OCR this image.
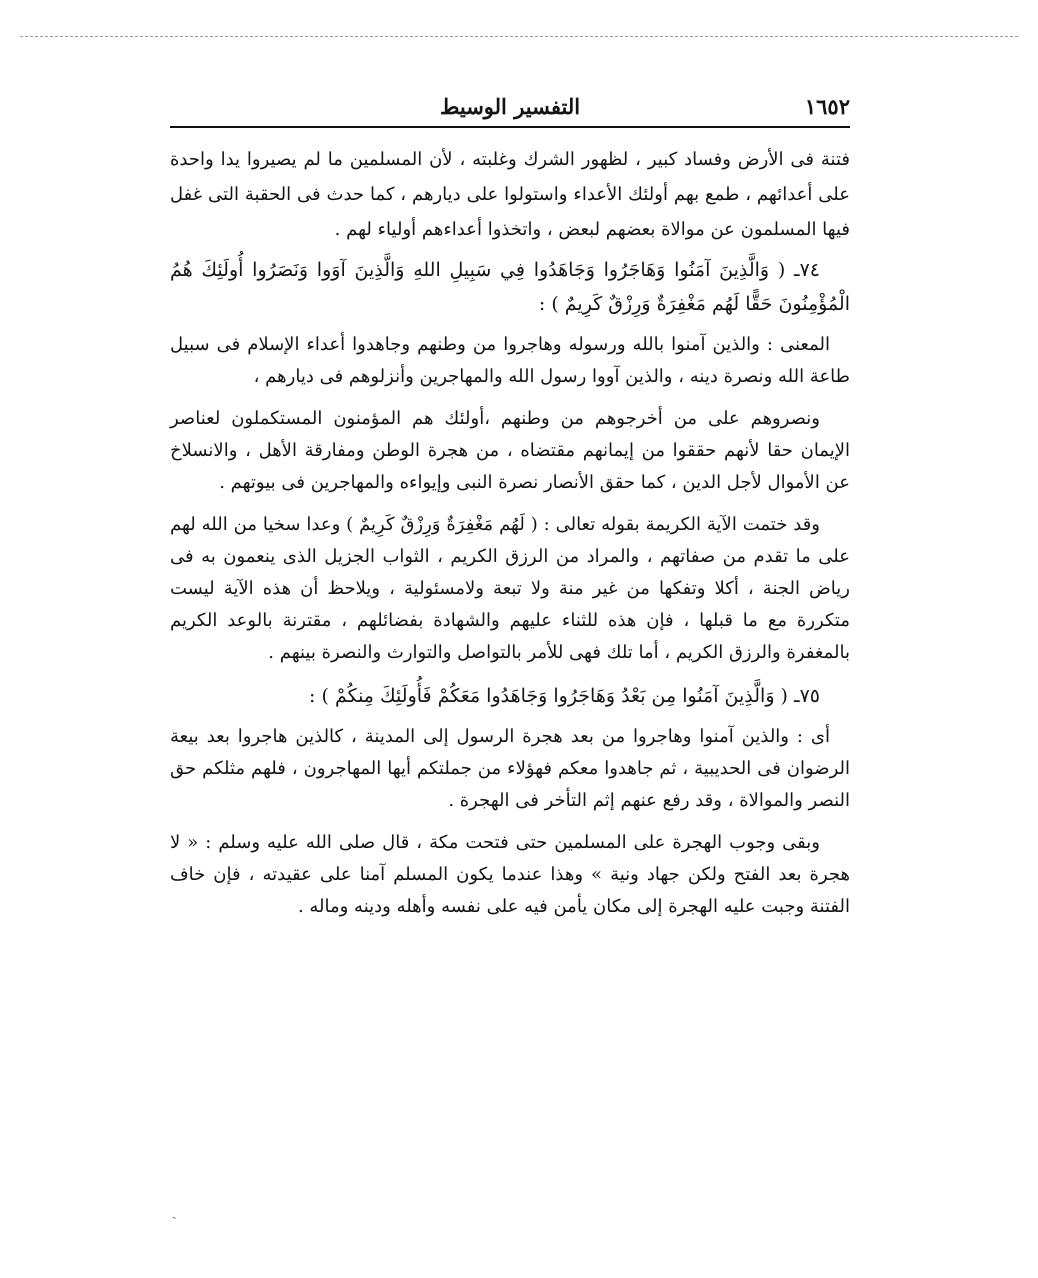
١٦٥٢
التفسير الوسيط

فتنة فى الأرض وفساد كبير ، لظهور الشرك وغلبته ، لأن المسلمين ما لم يصيروا يدا واحدة على أعدائهم ، طمع بهم أولئك الأعداء واستولوا على ديارهم ، كما حدث فى الحقبة التى غفل فيها المسلمون عن موالاة بعضهم لبعض ، واتخذوا أعداءهم أولياء لهم .

٧٤ـ ( وَالَّذِينَ آمَنُوا وَهَاجَرُوا وَجَاهَدُوا فِي سَبِيلِ اللهِ وَالَّذِينَ آوَوا وَنَصَرُوا أُولَئِكَ هُمُ الْمُؤْمِنُونَ حَقًّا لَهُم مَغْفِرَةٌ وَرِزْقٌ كَرِيمٌ ) :

المعنى : والذين آمنوا بالله ورسوله وهاجروا من وطنهم وجاهدوا أعداء الإسلام فى سبيل طاعة الله ونصرة دينه ، والذين آووا رسول الله والمهاجرين وأنزلوهم فى ديارهم ،

ونصروهم على من أخرجوهم من وطنهم ،أولئك هم المؤمنون المستكملون لعناصر الإيمان حقا لأنهم حققوا من إيمانهم مقتضاه ، من هجرة الوطن ومفارقة الأهل ، والانسلاخ عن الأموال لأجل الدين ، كما حقق الأنصار نصرة النبى وإيواءه والمهاجرين فى بيوتهم .

وقد ختمت الآية الكريمة بقوله تعالى : ( لَهُم مَغْفِرَةٌ وَرِزْقٌ كَرِيمٌ ) وعدا سخيا من الله لهم على ما تقدم من صفاتهم ، والمراد من الرزق الكريم ، الثواب الجزيل الذى ينعمون به فى رياض الجنة ، أكلا وتفكها من غير منة ولا تبعة ولامسئولية ، ويلاحظ أن هذه الآية ليست متكررة مع ما قبلها ، فإن هذه للثناء عليهم والشهادة بفضائلهم ، مقترنة بالوعد الكريم بالمغفرة والرزق الكريم ، أما تلك فهى للأمر بالتواصل والتوارث والنصرة بينهم .

٧٥ـ ( وَالَّذِينَ آمَنُوا مِن بَعْدُ وَهَاجَرُوا وَجَاهَدُوا مَعَكُمْ فَأُولَئِكَ مِنكُمْ ) :

أى : والذين آمنوا وهاجروا من بعد هجرة الرسول إلى المدينة ، كالذين هاجروا بعد بيعة الرضوان فى الحديبية ، ثم جاهدوا معكم فهؤلاء من جملتكم أيها المهاجرون ، فلهم مثلكم حق النصر والموالاة ، وقد رفع عنهم إثم التأخر فى الهجرة .

وبقى وجوب الهجرة على المسلمين حتى فتحت مكة ، قال صلى الله عليه وسلم : « لا هجرة بعد الفتح ولكن جهاد ونية » وهذا عندما يكون المسلم آمنا على عقيدته ، فإن خاف الفتنة وجبت عليه الهجرة إلى مكان يأمن فيه على نفسه وأهله ودينه وماله .

ˏ
